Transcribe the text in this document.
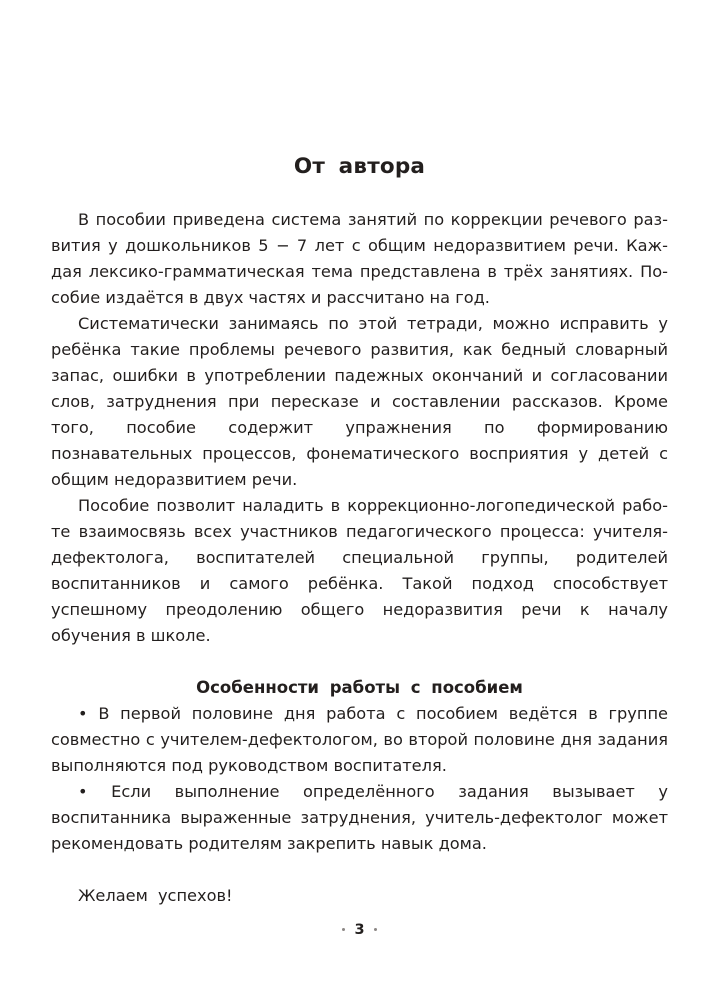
От автора

В пособии приведена система занятий по коррекции речевого развития у дошкольников 5 − 7 лет с общим недоразвитием речи. Каждая лексико-грамматическая тема представлена в трёх занятиях. Пособие издаётся в двух частях и рассчитано на год.

Систематически занимаясь по этой тетради, можно исправить у ребёнка такие проблемы речевого развития, как бедный словарный запас, ошибки в употреблении падежных окончаний и согласовании слов, затруднения при пересказе и составлении рассказов. Кроме того, пособие содержит упражнения по формированию познавательных процессов, фонематического восприятия у детей с общим недоразвитием речи.

Пособие позволит наладить в коррекционно-логопедической работе взаимосвязь всех участников педагогического процесса: учителя-дефектолога, воспитателей специальной группы, родителей воспитанников и самого ребёнка. Такой подход способствует успешному преодолению общего недоразвития речи к началу обучения в школе.

Особенности работы с пособием

• В первой половине дня работа с пособием ведётся в группе совместно с учителем-дефектологом, во второй половине дня задания выполняются под руководством воспитателя.

• Если выполнение определённого задания вызывает у воспитанника выраженные затруднения, учитель-дефектолог может рекомендовать родителям закрепить навык дома.

Желаем успехов!

3
